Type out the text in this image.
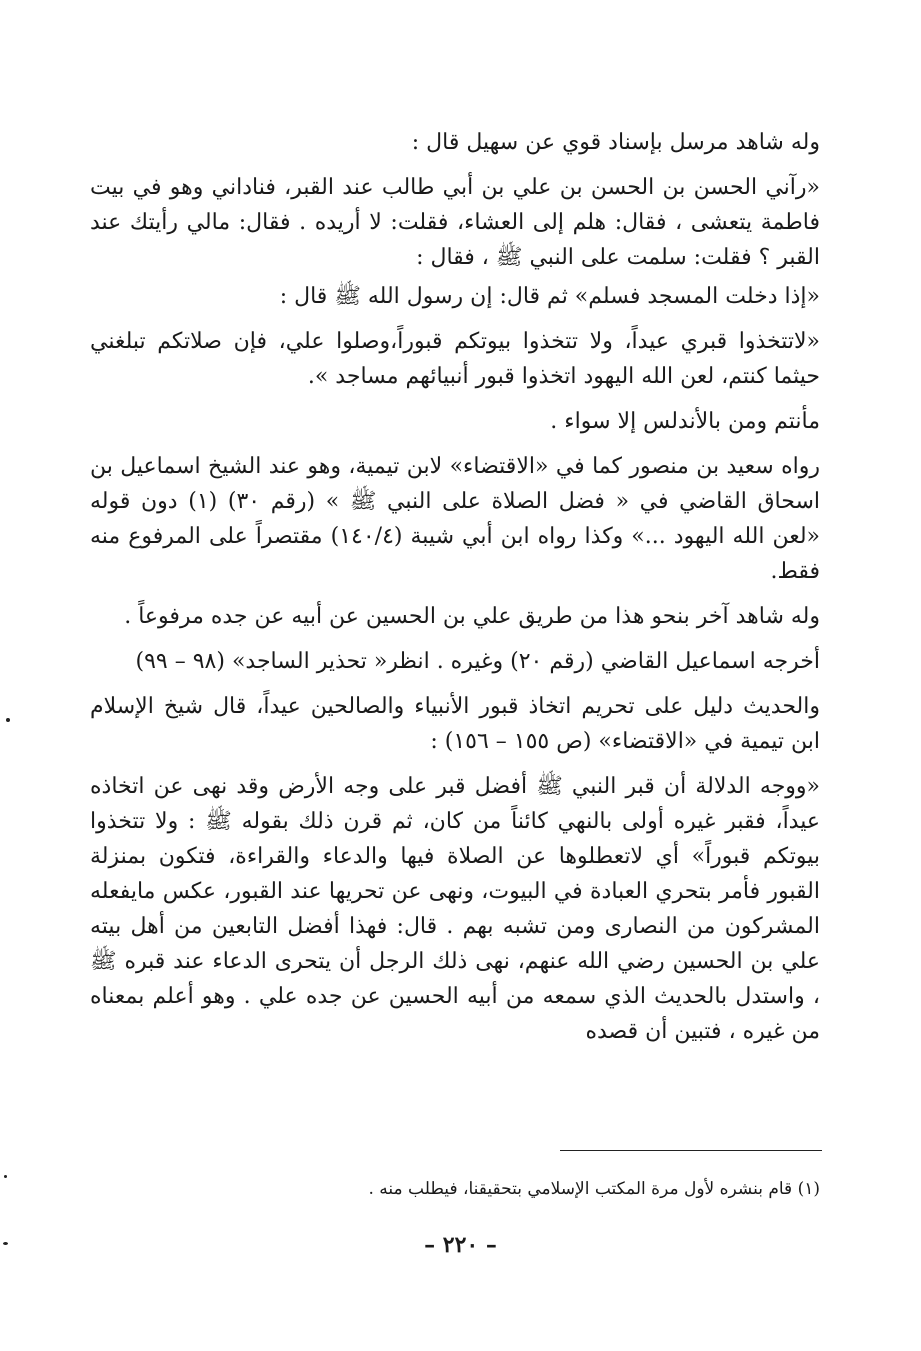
وله شاهد مرسل بإسناد قوي عن سهيل قال :

«رآني الحسن بن الحسن بن علي بن أبي طالب عند القبر، فناداني وهو في بيت فاطمة يتعشى ، فقال: هلم إلى العشاء، فقلت: لا أريده . فقال: مالي رأيتك عند القبر ؟ فقلت: سلمت على النبي ﷺ ، فقال :

«إذا دخلت المسجد فسلم» ثم قال: إن رسول الله ﷺ قال :

«لاتتخذوا قبري عيداً، ولا تتخذوا بيوتكم قبوراً،وصلوا علي، فإن صلاتكم تبلغني حيثما كنتم، لعن الله اليهود اتخذوا قبور أنبيائهم مساجد ».

مأنتم ومن بالأندلس إلا سواء .

رواه سعيد بن منصور كما في «الاقتضاء» لابن تيمية، وهو عند الشيخ اسماعيل بن اسحاق القاضي في « فضل الصلاة على النبي ﷺ » (رقم ٣٠) (١) دون قوله «لعن الله اليهود ...» وكذا رواه ابن أبي شيبة (١٤٠/٤) مقتصراً على المرفوع منه فقط.

وله شاهد آخر بنحو هذا من طريق علي بن الحسين عن أبيه عن جده مرفوعاً .

أخرجه اسماعيل القاضي (رقم ٢٠) وغيره . انظر« تحذير الساجد» (٩٨ – ٩٩)

والحديث دليل على تحريم اتخاذ قبور الأنبياء والصالحين عيداً، قال شيخ الإسلام ابن تيمية في «الاقتضاء» (ص ١٥٥ – ١٥٦) :

«ووجه الدلالة أن قبر النبي ﷺ أفضل قبر على وجه الأرض وقد نهى عن اتخاذه عيداً، فقبر غيره أولى بالنهي كائناً من كان، ثم قرن ذلك بقوله ﷺ : ولا تتخذوا بيوتكم قبوراً» أي لاتعطلوها عن الصلاة فيها والدعاء والقراءة، فتكون بمنزلة القبور فأمر بتحري العبادة في البيوت، ونهى عن تحريها عند القبور، عكس مايفعله المشركون من النصارى ومن تشبه بهم . قال: فهذا أفضل التابعين من أهل بيته علي بن الحسين رضي الله عنهم، نهى ذلك الرجل أن يتحرى الدعاء عند قبره ﷺ ، واستدل بالحديث الذي سمعه من أبيه الحسين عن جده علي . وهو أعلم بمعناه من غيره ، فتبين أن قصده

(١) قام بنشره لأول مرة المكتب الإسلامي بتحقيقنا، فيطلب منه .
– ٢٢٠ –
